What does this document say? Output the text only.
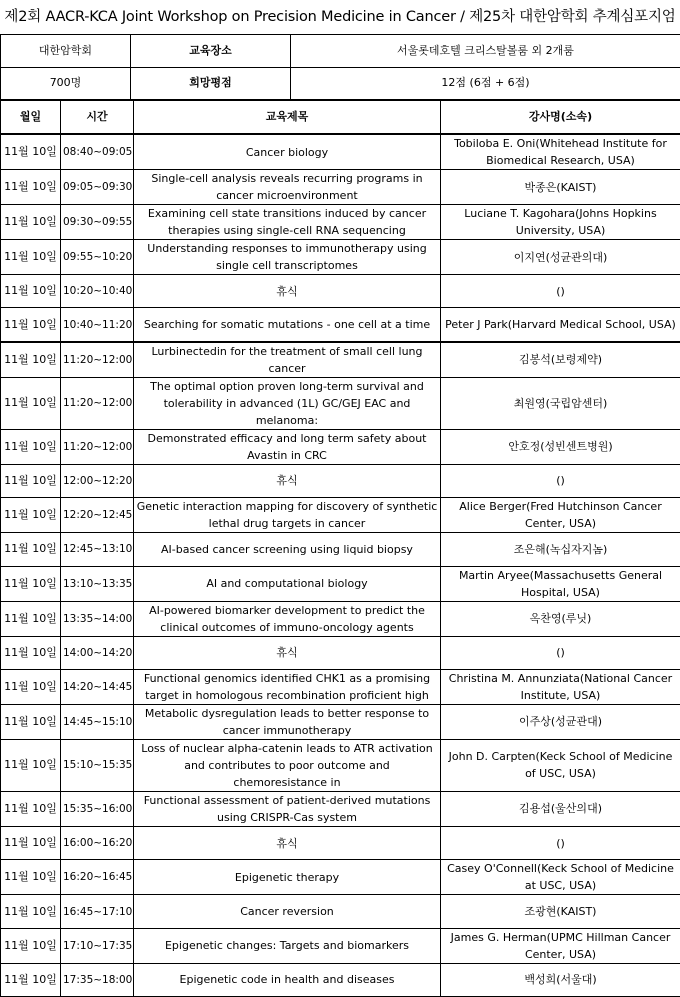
제2회 AACR-KCA Joint Workshop on Precision Medicine in Cancer / 제25차 대한암학회 추계심포지엄
대한암학회	교육장소	서울롯데호텔 크리스탈볼룸 외 2개룸
700명	희망평점	12점 (6점 + 6점)
월일	시간	교육제목	강사명(소속)
11월 10일	08:40~09:05	Cancer biology	Tobiloba E. Oni(Whitehead Institute for Biomedical Research, USA)
11월 10일	09:05~09:30	Single-cell analysis reveals recurring programs in cancer microenvironment	박종은(KAIST)
11월 10일	09:30~09:55	Examining cell state transitions induced by cancer therapies using single-cell RNA sequencing	Luciane T. Kagohara(Johns Hopkins University, USA)
11월 10일	09:55~10:20	Understanding responses to immunotherapy using single cell transcriptomes	이지연(성균관의대)
11월 10일	10:20~10:40	휴식	()
11월 10일	10:40~11:20	Searching for somatic mutations - one cell at a time	Peter J Park(Harvard Medical School, USA)
11월 10일	11:20~12:00	Lurbinectedin for the treatment of small cell lung cancer	김봉석(보령제약)
11월 10일	11:20~12:00	The optimal option proven long-term survival and tolerability in advanced (1L) GC/GEJ EAC and melanoma:	최원영(국립암센터)
11월 10일	11:20~12:00	Demonstrated efficacy and long term safety about Avastin in CRC	안호정(성빈센트병원)
11월 10일	12:00~12:20	휴식	()
11월 10일	12:20~12:45	Genetic interaction mapping for discovery of synthetic lethal drug targets in cancer	Alice Berger(Fred Hutchinson Cancer Center, USA)
11월 10일	12:45~13:10	AI-based cancer screening using liquid biopsy	조은해(녹십자지놈)
11월 10일	13:10~13:35	AI and computational biology	Martin Aryee(Massachusetts General Hospital, USA)
11월 10일	13:35~14:00	AI-powered biomarker development to predict the clinical outcomes of immuno-oncology agents	옥찬영(루닛)
11월 10일	14:00~14:20	휴식	()
11월 10일	14:20~14:45	Functional genomics identified CHK1 as a promising target in homologous recombination proficient high	Christina M. Annunziata(National Cancer Institute, USA)
11월 10일	14:45~15:10	Metabolic dysregulation leads to better response to cancer immunotherapy	이주상(성균관대)
11월 10일	15:10~15:35	Loss of nuclear alpha-catenin leads to ATR activation and contributes to poor outcome and chemoresistance in	John D. Carpten(Keck School of Medicine of USC, USA)
11월 10일	15:35~16:00	Functional assessment of patient-derived mutations using CRISPR-Cas system	김용섭(울산의대)
11월 10일	16:00~16:20	휴식	()
11월 10일	16:20~16:45	Epigenetic therapy	Casey O'Connell(Keck School of Medicine at USC, USA)
11월 10일	16:45~17:10	Cancer reversion	조광현(KAIST)
11월 10일	17:10~17:35	Epigenetic changes: Targets and biomarkers	James G. Herman(UPMC Hillman Cancer Center, USA)
11월 10일	17:35~18:00	Epigenetic code in health and diseases	백성희(서울대)
